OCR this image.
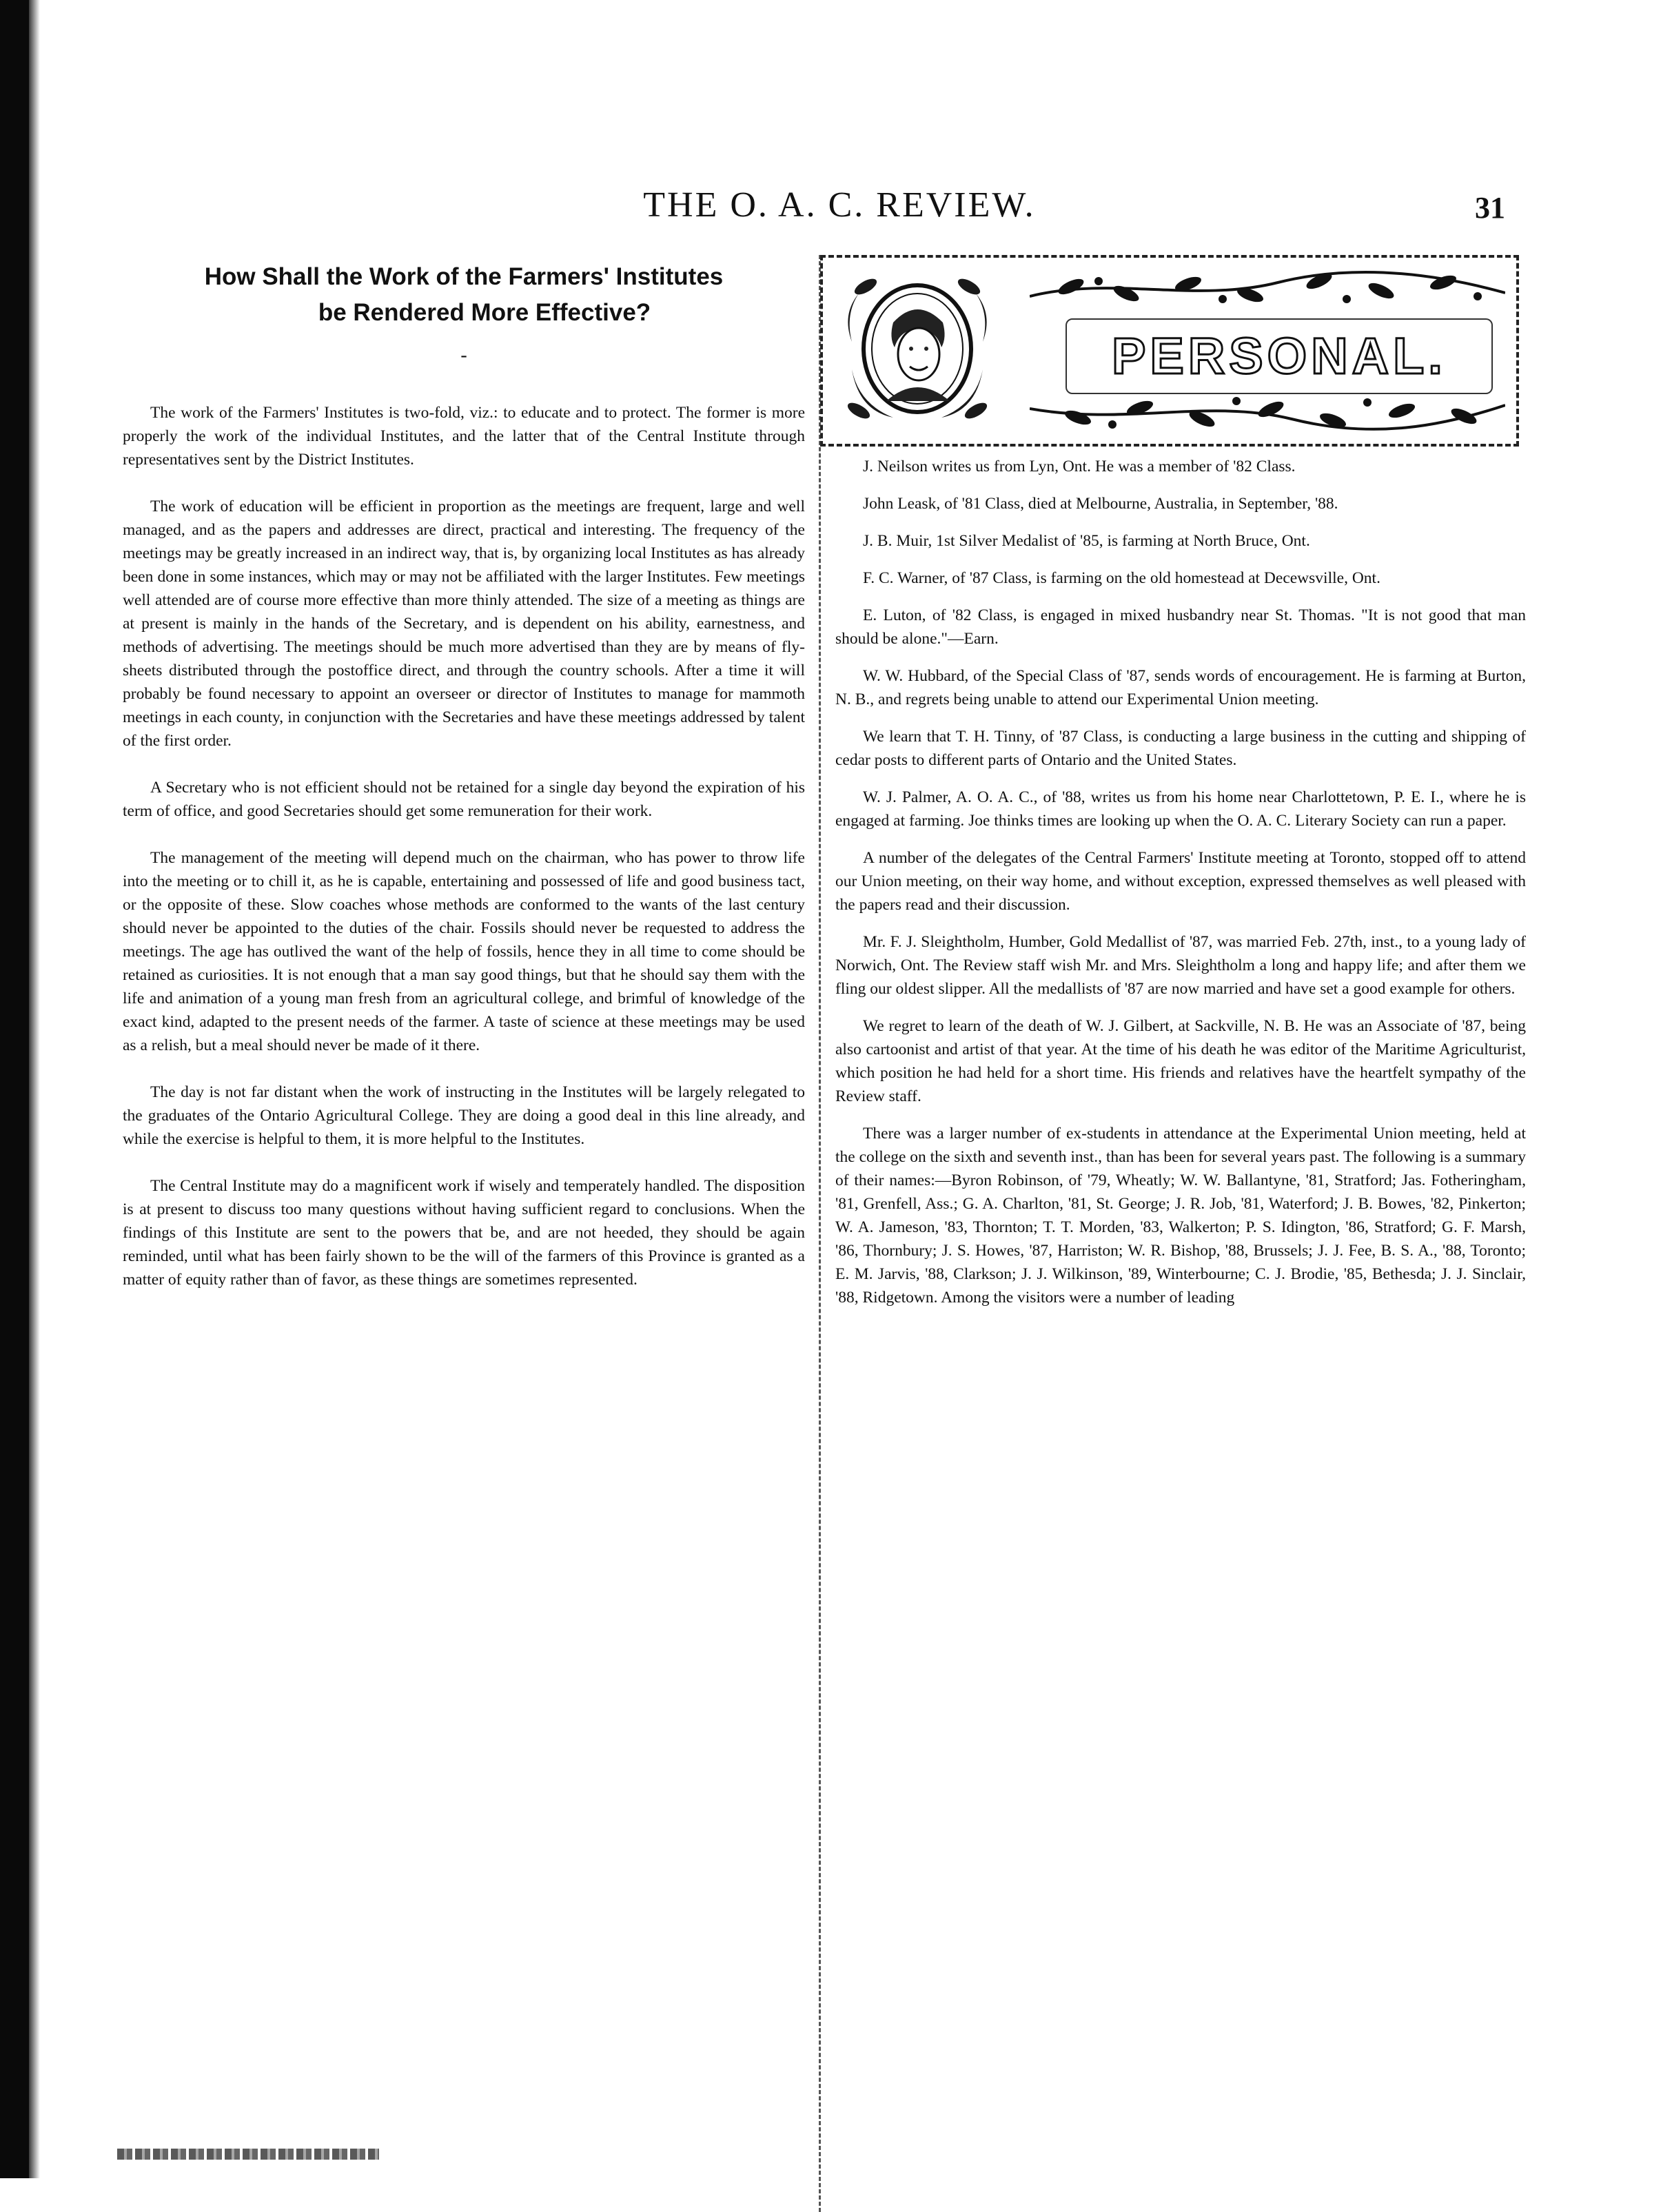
THE O. A. C. REVIEW.	31
How Shall the Work of the Farmers' Institutes
be Rendered More Effective?
-

The work of the Farmers' Institutes is two-fold, viz.: to educate and to protect. The former is more properly the work of the individual Institutes, and the latter that of the Central Institute through representatives sent by the District Institutes.

The work of education will be efficient in proportion as the meetings are frequent, large and well managed, and as the papers and addresses are direct, practical and interesting. The frequency of the meetings may be greatly increased in an indirect way, that is, by organizing local Institutes as has already been done in some instances, which may or may not be affiliated with the larger Institutes. Few meetings well attended are of course more effective than more thinly attended. The size of a meeting as things are at present is mainly in the hands of the Secretary, and is dependent on his ability, earnestness, and methods of advertising. The meetings should be much more advertised than they are by means of fly-sheets distributed through the postoffice direct, and through the country schools. After a time it will probably be found necessary to appoint an overseer or director of Institutes to manage for mammoth meetings in each county, in conjunction with the Secretaries and have these meetings addressed by talent of the first order.

A Secretary who is not efficient should not be retained for a single day beyond the expiration of his term of office, and good Secretaries should get some remuneration for their work.

The management of the meeting will depend much on the chairman, who has power to throw life into the meeting or to chill it, as he is capable, entertaining and possessed of life and good business tact, or the opposite of these. Slow coaches whose methods are conformed to the wants of the last century should never be appointed to the duties of the chair. Fossils should never be requested to address the meetings. The age has outlived the want of the help of fossils, hence they in all time to come should be retained as curiosities. It is not enough that a man say good things, but that he should say them with the life and animation of a young man fresh from an agricultural college, and brimful of knowledge of the exact kind, adapted to the present needs of the farmer. A taste of science at these meetings may be used as a relish, but a meal should never be made of it there.

The day is not far distant when the work of instructing in the Institutes will be largely relegated to the graduates of the Ontario Agricultural College. They are doing a good deal in this line already, and while the exercise is helpful to them, it is more helpful to the Institutes.

The Central Institute may do a magnificent work if wisely and temperately handled. The disposition is at present to discuss too many questions without having sufficient regard to conclusions. When the findings of this Institute are sent to the powers that be, and are not heeded, they should be again reminded, until what has been fairly shown to be the will of the farmers of this Province is granted as a matter of equity rather than of favor, as these things are sometimes represented.

PERSONAL.

J. Neilson writes us from Lyn, Ont. He was a member of '82 Class.

John Leask, of '81 Class, died at Melbourne, Australia, in September, '88.

J. B. Muir, 1st Silver Medalist of '85, is farming at North Bruce, Ont.

F. C. Warner, of '87 Class, is farming on the old homestead at Decewsville, Ont.

E. Luton, of '82 Class, is engaged in mixed husbandry near St. Thomas. "It is not good that man should be alone."—Earn.

W. W. Hubbard, of the Special Class of '87, sends words of encouragement. He is farming at Burton, N. B., and regrets being unable to attend our Experimental Union meeting.

We learn that T. H. Tinny, of '87 Class, is conducting a large business in the cutting and shipping of cedar posts to different parts of Ontario and the United States.

W. J. Palmer, A. O. A. C., of '88, writes us from his home near Charlottetown, P. E. I., where he is engaged at farming. Joe thinks times are looking up when the O. A. C. Literary Society can run a paper.

A number of the delegates of the Central Farmers' Institute meeting at Toronto, stopped off to attend our Union meeting, on their way home, and without exception, expressed themselves as well pleased with the papers read and their discussion.

Mr. F. J. Sleightholm, Humber, Gold Medallist of '87, was married Feb. 27th, inst., to a young lady of Norwich, Ont. The Review staff wish Mr. and Mrs. Sleightholm a long and happy life; and after them we fling our oldest slipper. All the medallists of '87 are now married and have set a good example for others.

We regret to learn of the death of W. J. Gilbert, at Sackville, N. B. He was an Associate of '87, being also cartoonist and artist of that year. At the time of his death he was editor of the Maritime Agriculturist, which position he had held for a short time. His friends and relatives have the heartfelt sympathy of the Review staff.

There was a larger number of ex-students in attendance at the Experimental Union meeting, held at the college on the sixth and seventh inst., than has been for several years past. The following is a summary of their names:—Byron Robinson, of '79, Wheatly; W. W. Ballantyne, '81, Stratford; Jas. Fotheringham, '81, Grenfell, Ass.; G. A. Charlton, '81, St. George; J. R. Job, '81, Waterford; J. B. Bowes, '82, Pinkerton; W. A. Jameson, '83, Thornton; T. T. Morden, '83, Walkerton; P. S. Idington, '86, Stratford; G. F. Marsh, '86, Thornbury; J. S. Howes, '87, Harriston; W. R. Bishop, '88, Brussels; J. J. Fee, B. S. A., '88, Toronto; E. M. Jarvis, '88, Clarkson; J. J. Wilkinson, '89, Winterbourne; C. J. Brodie, '85, Bethesda; J. J. Sinclair, '88, Ridgetown. Among the visitors were a number of leading
